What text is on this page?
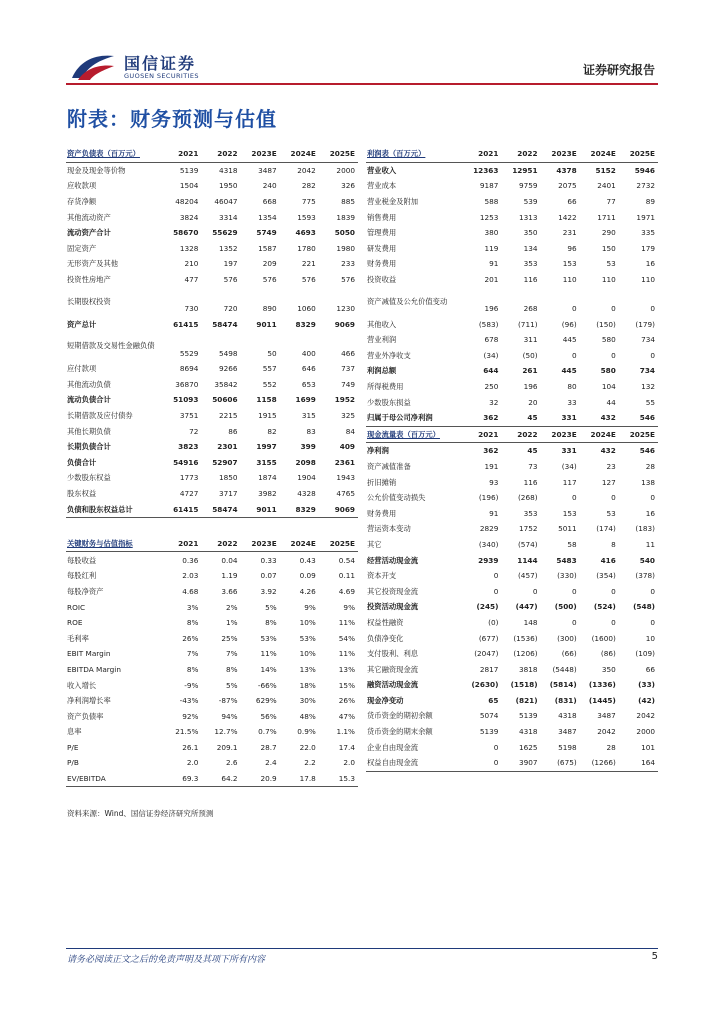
国信证券
GUOSEN SECURITIES	证券研究报告
附表：财务预测与估值
资产负债表（百万元）	2021	2022	2023E	2024E	2025E
现金及现金等价物	5139	4318	3487	2042	2000
应收款项	1504	1950	240	282	326
存货净额	48204	46047	668	775	885
其他流动资产	3824	3314	1354	1593	1839
流动资产合计	58670	55629	5749	4693	5050
固定资产	1328	1352	1587	1780	1980
无形资产及其他	210	197	209	221	233
投资性房地产	477	576	576	576	576
长期股权投资	730	720	890	1060	1230
资产总计	61415	58474	9011	8329	9069
短期借款及交易性金融负债	5529	5498	50	400	466
应付款项	8694	9266	557	646	737
其他流动负债	36870	35842	552	653	749
流动负债合计	51093	50606	1158	1699	1952
长期借款及应付债券	3751	2215	1915	315	325
其他长期负债	72	86	82	83	84
长期负债合计	3823	2301	1997	399	409
负债合计	54916	52907	3155	2098	2361
少数股东权益	1773	1850	1874	1904	1943
股东权益	4727	3717	3982	4328	4765
负债和股东权益总计	61415	58474	9011	8329	9069

关键财务与估值指标	2021	2022	2023E	2024E	2025E
每股收益	0.36	0.04	0.33	0.43	0.54
每股红利	2.03	1.19	0.07	0.09	0.11
每股净资产	4.68	3.66	3.92	4.26	4.69
ROIC	3%	2%	5%	9%	9%
ROE	8%	1%	8%	10%	11%
毛利率	26%	25%	53%	53%	54%
EBIT Margin	7%	7%	11%	10%	11%
EBITDA Margin	8%	8%	14%	13%	13%
收入增长	-9%	5%	-66%	18%	15%
净利润增长率	-43%	-87%	629%	30%	26%
资产负债率	92%	94%	56%	48%	47%
息率	21.5%	12.7%	0.7%	0.9%	1.1%
P/E	26.1	209.1	28.7	22.0	17.4
P/B	2.0	2.6	2.4	2.2	2.0
EV/EBITDA	69.3	64.2	20.9	17.8	15.3
利润表（百万元）	2021	2022	2023E	2024E	2025E
营业收入	12363	12951	4378	5152	5946
营业成本	9187	9759	2075	2401	2732
营业税金及附加	588	539	66	77	89
销售费用	1253	1313	1422	1711	1971
管理费用	380	350	231	290	335
研发费用	119	134	96	150	179
财务费用	91	353	153	53	16
投资收益	201	116	110	110	110
资产减值及公允价值变动	196	268	0	0	0
其他收入	(583)	(711)	(96)	(150)	(179)
营业利润	678	311	445	580	734
营业外净收支	(34)	(50)	0	0	0
利润总额	644	261	445	580	734
所得税费用	250	196	80	104	132
少数股东损益	32	20	33	44	55
归属于母公司净利润	362	45	331	432	546
现金流量表（百万元）	2021	2022	2023E	2024E	2025E
净利润	362	45	331	432	546
资产减值准备	191	73	(34)	23	28
折旧摊销	93	116	117	127	138
公允价值变动损失	(196)	(268)	0	0	0
财务费用	91	353	153	53	16
营运资本变动	2829	1752	5011	(174)	(183)
其它	(340)	(574)	58	8	11
经营活动现金流	2939	1144	5483	416	540
资本开支	0	(457)	(330)	(354)	(378)
其它投资现金流	0	0	0	0	0
投资活动现金流	(245)	(447)	(500)	(524)	(548)
权益性融资	(0)	148	0	0	0
负债净变化	(677)	(1536)	(300)	(1600)	10
支付股利、利息	(2047)	(1206)	(66)	(86)	(109)
其它融资现金流	2817	3818	(5448)	350	66
融资活动现金流	(2630)	(1518)	(5814)	(1336)	(33)
现金净变动	65	(821)	(831)	(1445)	(42)
货币资金的期初余额	5074	5139	4318	3487	2042
货币资金的期末余额	5139	4318	3487	2042	2000
企业自由现金流	0	1625	5198	28	101
权益自由现金流	0	3907	(675)	(1266)	164
资料来源：Wind、国信证券经济研究所预测
请务必阅读正文之后的免责声明及其项下所有内容	5
